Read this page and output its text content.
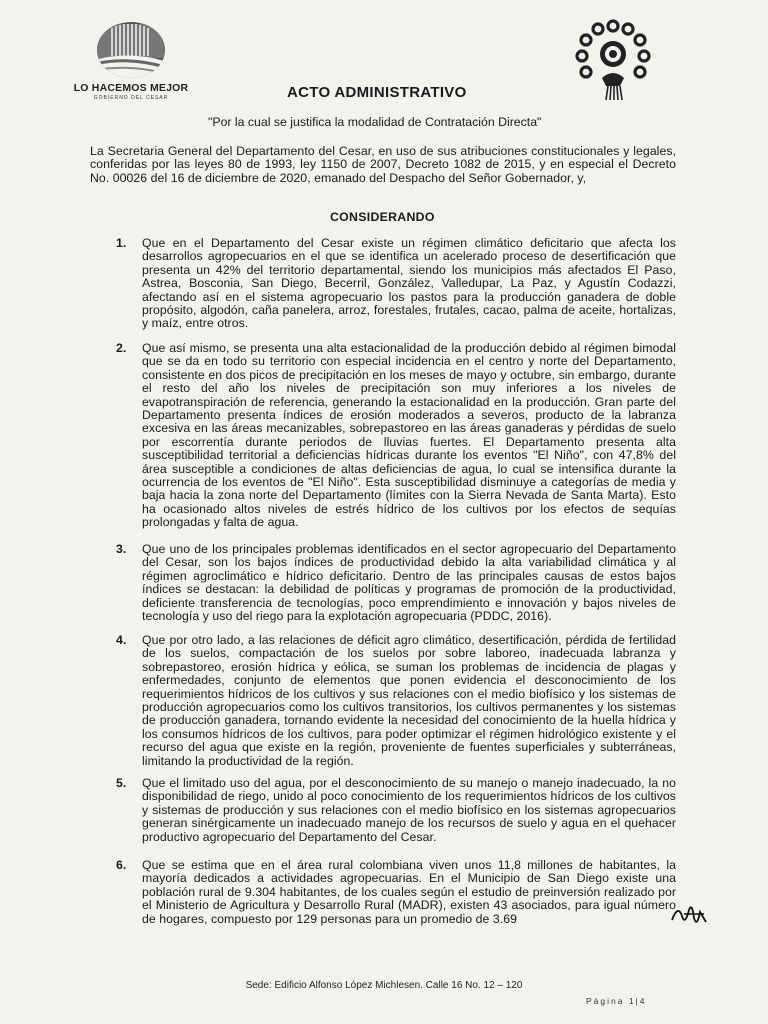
LO HACEMOS MEJOR
GOBIERNO DEL CESAR	ACTO ADMINISTRATIVO
"Por la cual se justifica la modalidad de Contratación Directa"
La Secretaria General del Departamento del Cesar, en uso de sus atribuciones constitucionales y legales, conferidas por las leyes 80 de 1993, ley 1150 de 2007, Decreto 1082 de 2015, y en especial el Decreto No. 00026 del 16 de diciembre de 2020, emanado del Despacho del Señor Gobernador, y,
CONSIDERANDO
1. Que en el Departamento del Cesar existe un régimen climático deficitario que afecta los desarrollos agropecuarios en el que se identifica un acelerado proceso de desertificación que presenta un 42% del territorio departamental, siendo los municipios más afectados El Paso, Astrea, Bosconia, San Diego, Becerril, González, Valledupar, La Paz, y Agustín Codazzi, afectando así en el sistema agropecuario los pastos para la producción ganadera de doble propósito, algodón, caña panelera, arroz, forestales, frutales, cacao, palma de aceite, hortalizas, y maíz, entre otros.
2. Que así mismo, se presenta una alta estacionalidad de la producción debido al régimen bimodal que se da en todo su territorio con especial incidencia en el centro y norte del Departamento, consistente en dos picos de precipitación en los meses de mayo y octubre, sin embargo, durante el resto del año los niveles de precipitación son muy inferiores a los niveles de evapotranspiración de referencia, generando la estacionalidad en la producción. Gran parte del Departamento presenta índices de erosión moderados a severos, producto de la labranza excesiva en las áreas mecanizables, sobrepastoreo en las áreas ganaderas y pérdidas de suelo por escorrentía durante periodos de lluvias fuertes. El Departamento presenta alta susceptibilidad territorial a deficiencias hídricas durante los eventos "El Niño", con 47,8% del área susceptible a condiciones de altas deficiencias de agua, lo cual se intensifica durante la ocurrencia de los eventos de "El Niño". Esta susceptibilidad disminuye a categorías de media y baja hacia la zona norte del Departamento (límites con la Sierra Nevada de Santa Marta). Esto ha ocasionado altos niveles de estrés hídrico de los cultivos por los efectos de sequías prolongadas y falta de agua.
3. Que uno de los principales problemas identificados en el sector agropecuario del Departamento del Cesar, son los bajos índices de productividad debido la alta variabilidad climática y al régimen agroclimático e hídrico deficitario. Dentro de las principales causas de estos bajos índices se destacan: la debilidad de políticas y programas de promoción de la productividad, deficiente transferencia de tecnologías, poco emprendimiento e innovación y bajos niveles de tecnología y uso del riego para la explotación agropecuaria (PDDC, 2016).
4. Que por otro lado, a las relaciones de déficit agro climático, desertificación, pérdida de fertilidad de los suelos, compactación de los suelos por sobre laboreo, inadecuada labranza y sobrepastoreo, erosión hídrica y eólica, se suman los problemas de incidencia de plagas y enfermedades, conjunto de elementos que ponen evidencia el desconocimiento de los requerimientos hídricos de los cultivos y sus relaciones con el medio biofísico y los sistemas de producción agropecuarios como los cultivos transitorios, los cultivos permanentes y los sistemas de producción ganadera, tornando evidente la necesidad del conocimiento de la huella hídrica y los consumos hídricos de los cultivos, para poder optimizar el régimen hidrológico existente y el recurso del agua que existe en la región, proveniente de fuentes superficiales y subterráneas, limitando la productividad de la región.
5. Que el limitado uso del agua, por el desconocimiento de su manejo o manejo inadecuado, la no disponibilidad de riego, unido al poco conocimiento de los requerimientos hídricos de los cultivos y sistemas de producción y sus relaciones con el medio biofísico en los sistemas agropecuarios generan sinérgicamente un inadecuado manejo de los recursos de suelo y agua en el quehacer productivo agropecuario del Departamento del Cesar.
6. Que se estima que en el área rural colombiana viven unos 11,8 millones de habitantes, la mayoría dedicados a actividades agropecuarias. En el Municipio de San Diego existe una población rural de 9.304 habitantes, de los cuales según el estudio de preinversión realizado por el Ministerio de Agricultura y Desarrollo Rural (MADR), existen 43 asociados, para igual número de hogares, compuesto por 129 personas para un promedio de 3.69
Sede: Edificio Alfonso López Michlesen. Calle 16 No. 12 – 120
Página 1|4
